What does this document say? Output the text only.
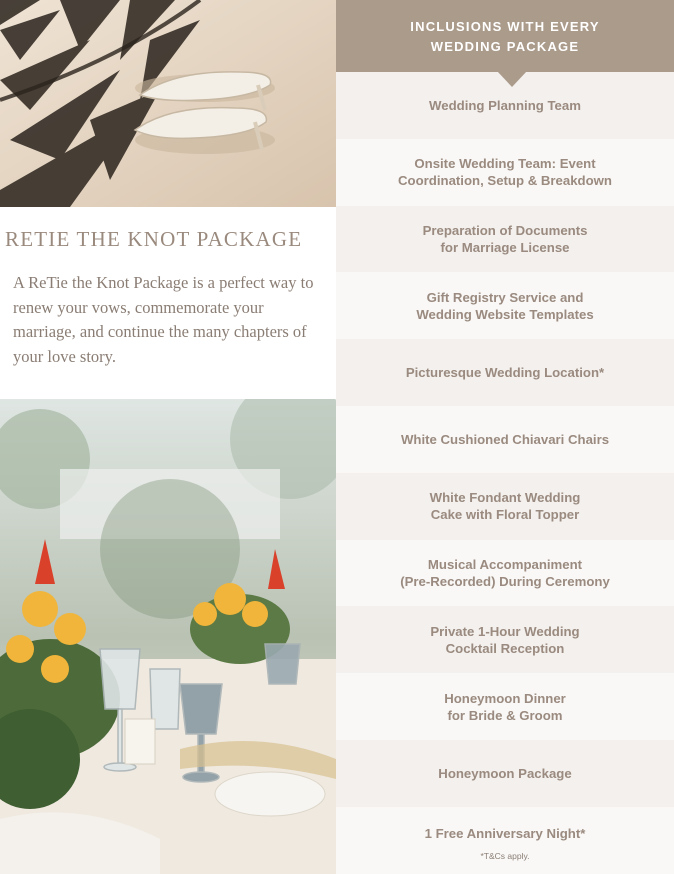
RETIE THE KNOT PACKAGE
A ReTie the Knot Package is a perfect way to renew your vows, commemorate your marriage, and continue the many chapters of your love story.
INCLUSIONS WITH EVERY
WEDDING PACKAGE
Wedding Planning Team
Onsite Wedding Team: Event
Coordination, Setup & Breakdown
Preparation of Documents
for Marriage License
Gift Registry Service and
Wedding Website Templates
Picturesque Wedding Location*
White Cushioned Chiavari Chairs
White Fondant Wedding
Cake with Floral Topper
Musical Accompaniment
(Pre-Recorded) During Ceremony
Private 1-Hour Wedding
Cocktail Reception
Honeymoon Dinner
for Bride & Groom
Honeymoon Package
1 Free Anniversary Night*
*T&Cs apply.
